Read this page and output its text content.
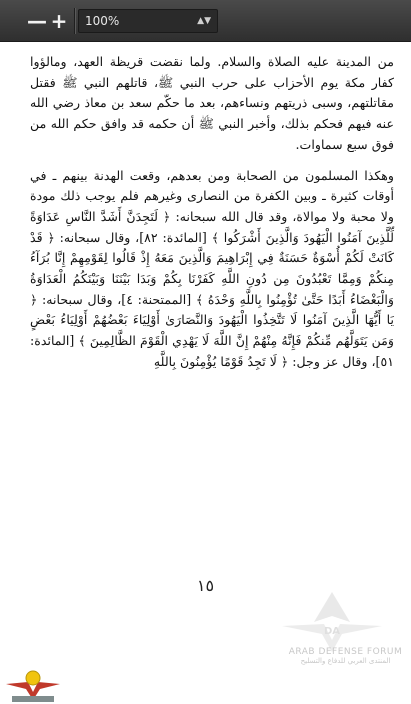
— +	100%	▲▼

من المدينة عليه الصلاة والسلام. ولما نقضت قريظة العهد، ومالؤوا كفار مكة يوم الأحزاب على حرب النبي ﷺ، قاتلهم النبي ﷺ فقتل مقاتلتهم، وسبى ذريتهم ونساءهم، بعد ما حكّم سعد بن معاذ رضي الله عنه فيهم فحكم بذلك، وأخبر النبي ﷺ أن حكمه قد وافق حكم الله من فوق سبع سماوات.

وهكذا المسلمون من الصحابة ومن بعدهم، وقعت الهدنة بينهم ـ في أوقات كثيرة ـ وبين الكفرة من النصارى وغيرهم فلم يوجب ذلك مودة ولا محبة ولا موالاة، وقد قال الله سبحانه: ﴿ لَتَجِدَنَّ أَشَدَّ النَّاسِ عَدَاوَةً لِّلَّذِينَ آمَنُوا الْيَهُودَ وَالَّذِينَ أَشْرَكُوا ﴾ [المائدة: ٨٢]، وقال سبحانه: ﴿ قَدْ كَانَتْ لَكُمْ أُسْوَةٌ حَسَنَةٌ فِي إِبْرَاهِيمَ وَالَّذِينَ مَعَهُ إِذْ قَالُوا لِقَوْمِهِمْ إِنَّا بُرَآءُ مِنكُمْ وَمِمَّا تَعْبُدُونَ مِن دُونِ اللَّهِ كَفَرْنَا بِكُمْ وَبَدَا بَيْنَنَا وَبَيْنَكُمُ الْعَدَاوَةُ وَالْبَغْضَاءُ أَبَدًا حَتَّىٰ تُؤْمِنُوا بِاللَّهِ وَحْدَهُ ﴾ [الممتحنة: ٤]، وقال سبحانه: ﴿ يَا أَيُّهَا الَّذِينَ آمَنُوا لَا تَتَّخِذُوا الْيَهُودَ وَالنَّصَارَىٰ أَوْلِيَاءَ بَعْضُهُمْ أَوْلِيَاءُ بَعْضٍ وَمَن يَتَوَلَّهُم مِّنكُمْ فَإِنَّهُ مِنْهُمْ إِنَّ اللَّهَ لَا يَهْدِي الْقَوْمَ الظَّالِمِينَ ﴾ [المائدة: ٥١]، وقال عز وجل: ﴿ لَا تَجِدُ قَوْمًا يُؤْمِنُونَ بِاللَّهِ

١٥
DA
ARAB DEFENSE FORUM
المنتدى العربي للدفاع والتسليح
